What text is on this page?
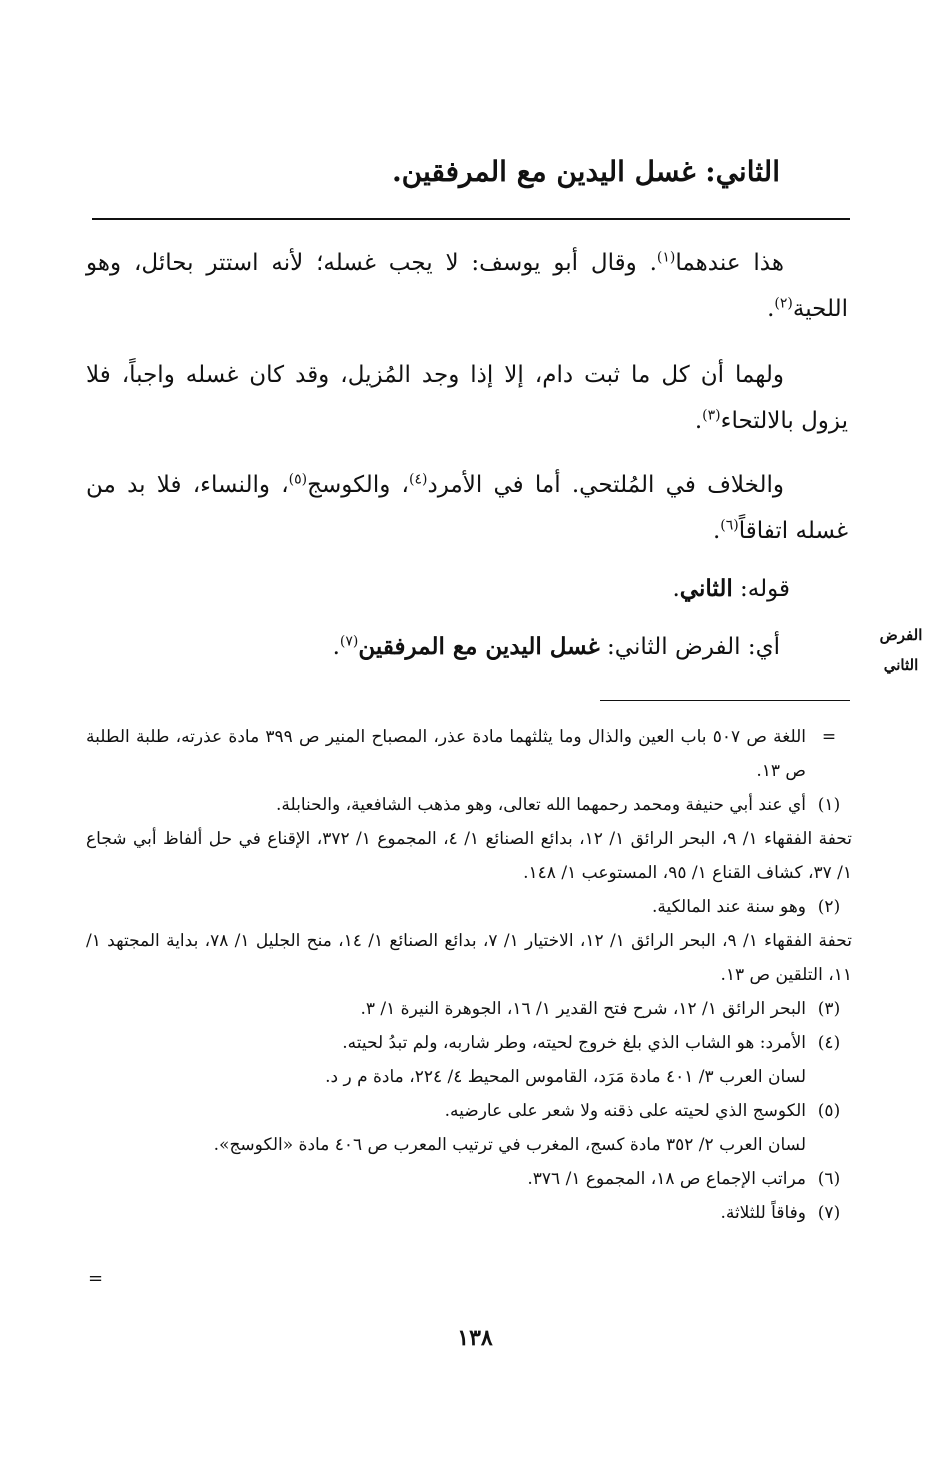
الثاني: غسل اليدين مع المرفقين.
هذا عندهما$^{(١)}$. وقال أبو يوسف: لا يجب غسله؛ لأنه استتر بحائل، وهو اللحية$^{(٢)}$.
ولهما أن كل ما ثبت دام، إلا إذا وجد المُزيل، وقد كان غسله واجباً، فلا يزول بالالتحاء$^{(٣)}$.
والخلاف في المُلتحي. أما في الأمرد$^{(٤)}$، والكوسج$^{(٥)}$، والنساء، فلا بد من غسله اتفاقاً$^{(٦)}$.
قوله: الثاني.
أي: الفرض الثاني: غسل اليدين مع المرفقين$^{(٧)}$.	الفرض
الثاني
=
اللغة ص ٥٠٧ باب العين والذال وما يثلثهما مادة عذر، المصباح المنير ص ٣٩٩ مادة عذرته، طلبة الطلبة ص ١٣.
(١)
أي عند أبي حنيفة ومحمد رحمهما الله تعالى، وهو مذهب الشافعية، والحنابلة.
تحفة الفقهاء ١/ ٩، البحر الرائق ١/ ١٢، بدائع الصنائع ١/ ٤، المجموع ١/ ٣٧٢، الإقناع في حل ألفاظ أبي شجاع ١/ ٣٧، كشاف القناع ١/ ٩٥، المستوعب ١/ ١٤٨.
(٢)
وهو سنة عند المالكية.
تحفة الفقهاء ١/ ٩، البحر الرائق ١/ ١٢، الاختيار ١/ ٧، بدائع الصنائع ١/ ١٤، منح الجليل ١/ ٧٨، بداية المجتهد ١/ ١١، التلقين ص ١٣.
(٣)
البحر الرائق ١/ ١٢، شرح فتح القدير ١/ ١٦، الجوهرة النيرة ١/ ٣.
(٤)
الأمرد: هو الشاب الذي بلغ خروج لحيته، وطر شاربه، ولم تبدُ لحيته.
لسان العرب ٣/ ٤٠١ مادة مَرَد، القاموس المحيط ٤/ ٢٢٤، مادة م ر د.
(٥)
الكوسج الذي لحيته على ذقنه ولا شعر على عارضيه.
لسان العرب ٢/ ٣٥٢ مادة كسج، المغرب في ترتيب المعرب ص ٤٠٦ مادة «الكوسج».
(٦)
مراتب الإجماع ص ١٨، المجموع ١/ ٣٧٦.
(٧)
وفاقاً للثلاثة.
=
١٣٨
